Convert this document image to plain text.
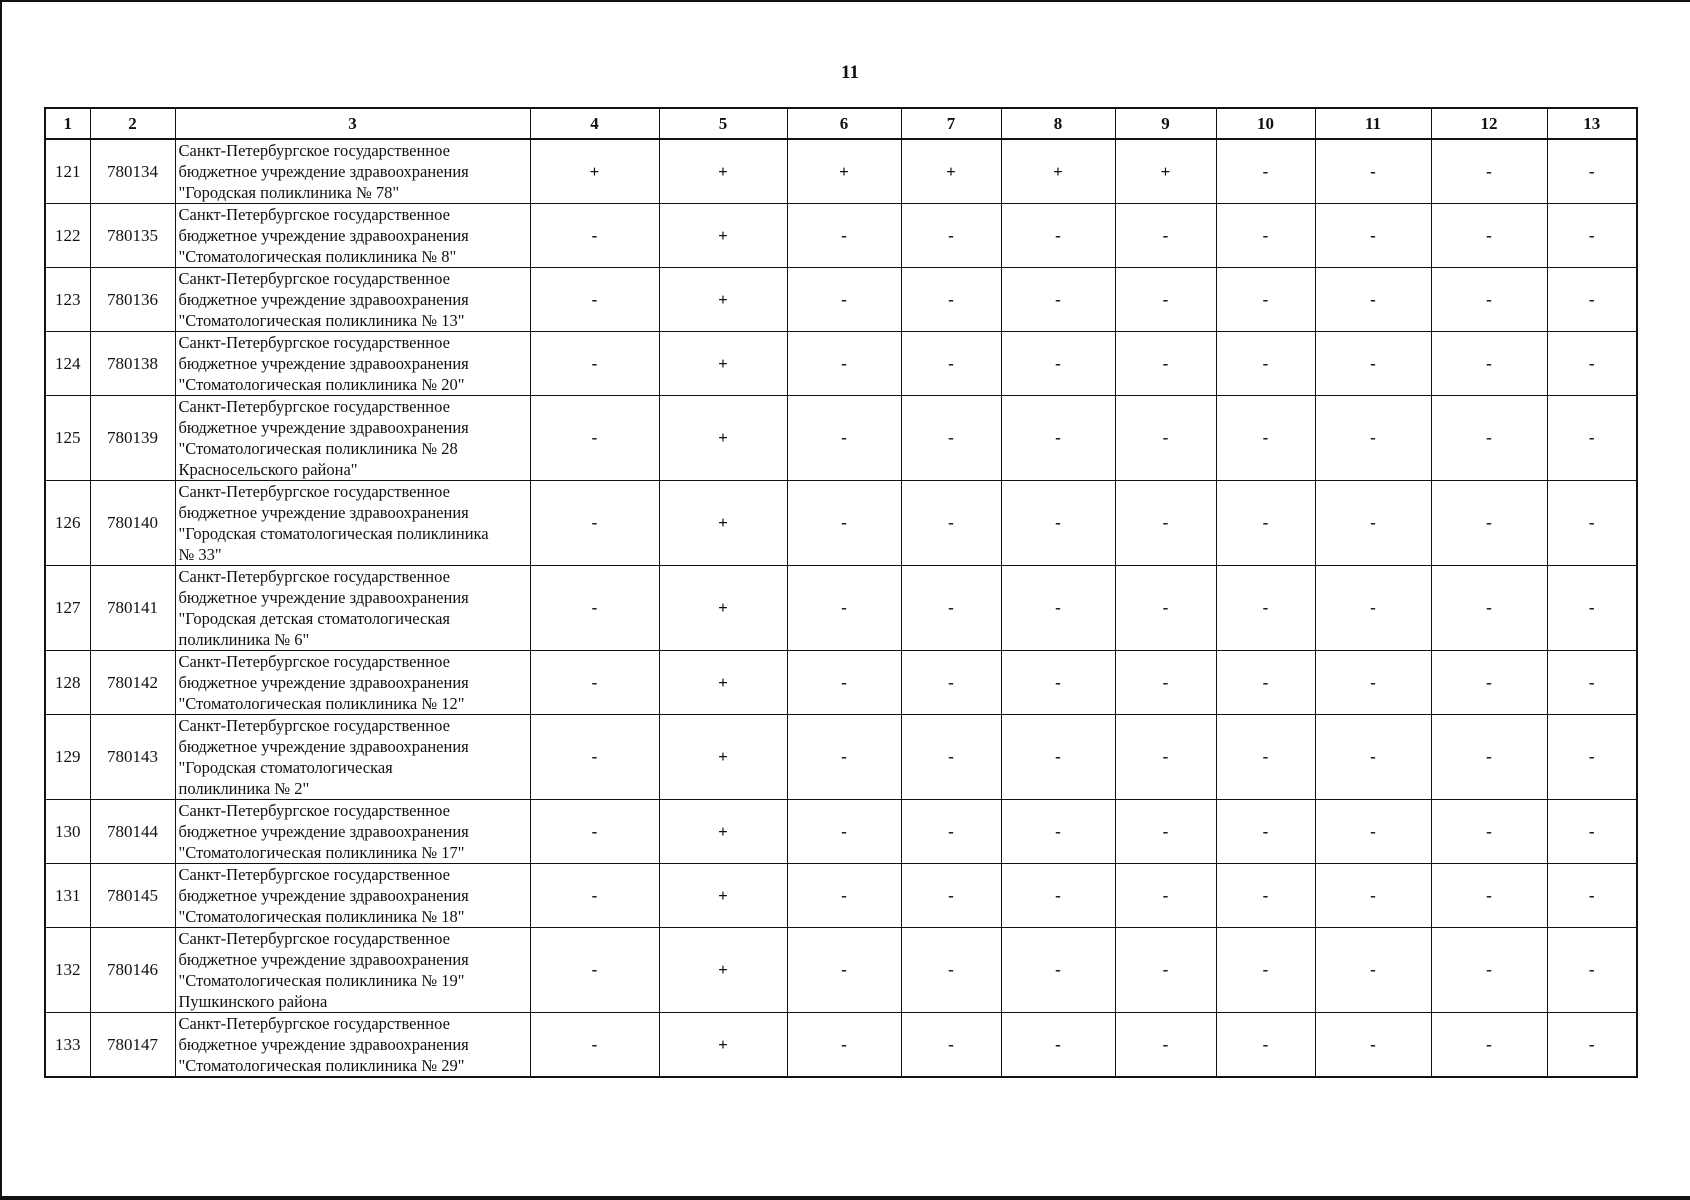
11
1	2	3	4	5	6	7	8	9	10	11	12	13
121	780134	Санкт-Петербургское государственное
бюджетное учреждение здравоохранения
"Городская поликлиника № 78"	+	+	+	+	+	+	-	-	-	-
122	780135	Санкт-Петербургское государственное
бюджетное учреждение здравоохранения
"Стоматологическая поликлиника № 8"	-	+	-	-	-	-	-	-	-	-
123	780136	Санкт-Петербургское государственное
бюджетное учреждение здравоохранения
"Стоматологическая поликлиника № 13"	-	+	-	-	-	-	-	-	-	-
124	780138	Санкт-Петербургское государственное
бюджетное учреждение здравоохранения
"Стоматологическая поликлиника № 20"	-	+	-	-	-	-	-	-	-	-
125	780139	Санкт-Петербургское государственное
бюджетное учреждение здравоохранения
"Стоматологическая поликлиника № 28
Красносельского района"	-	+	-	-	-	-	-	-	-	-
126	780140	Санкт-Петербургское государственное
бюджетное учреждение здравоохранения
"Городская стоматологическая поликлиника
№ 33"	-	+	-	-	-	-	-	-	-	-
127	780141	Санкт-Петербургское государственное
бюджетное учреждение здравоохранения
"Городская детская стоматологическая
поликлиника № 6"	-	+	-	-	-	-	-	-	-	-
128	780142	Санкт-Петербургское государственное
бюджетное учреждение здравоохранения
"Стоматологическая поликлиника № 12"	-	+	-	-	-	-	-	-	-	-
129	780143	Санкт-Петербургское государственное
бюджетное учреждение здравоохранения
"Городская стоматологическая
поликлиника № 2"	-	+	-	-	-	-	-	-	-	-
130	780144	Санкт-Петербургское государственное
бюджетное учреждение здравоохранения
"Стоматологическая поликлиника № 17"	-	+	-	-	-	-	-	-	-	-
131	780145	Санкт-Петербургское государственное
бюджетное учреждение здравоохранения
"Стоматологическая поликлиника № 18"	-	+	-	-	-	-	-	-	-	-
132	780146	Санкт-Петербургское государственное
бюджетное учреждение здравоохранения
"Стоматологическая поликлиника № 19"
Пушкинского района	-	+	-	-	-	-	-	-	-	-
133	780147	Санкт-Петербургское государственное
бюджетное учреждение здравоохранения
"Стоматологическая поликлиника № 29"	-	+	-	-	-	-	-	-	-	-
